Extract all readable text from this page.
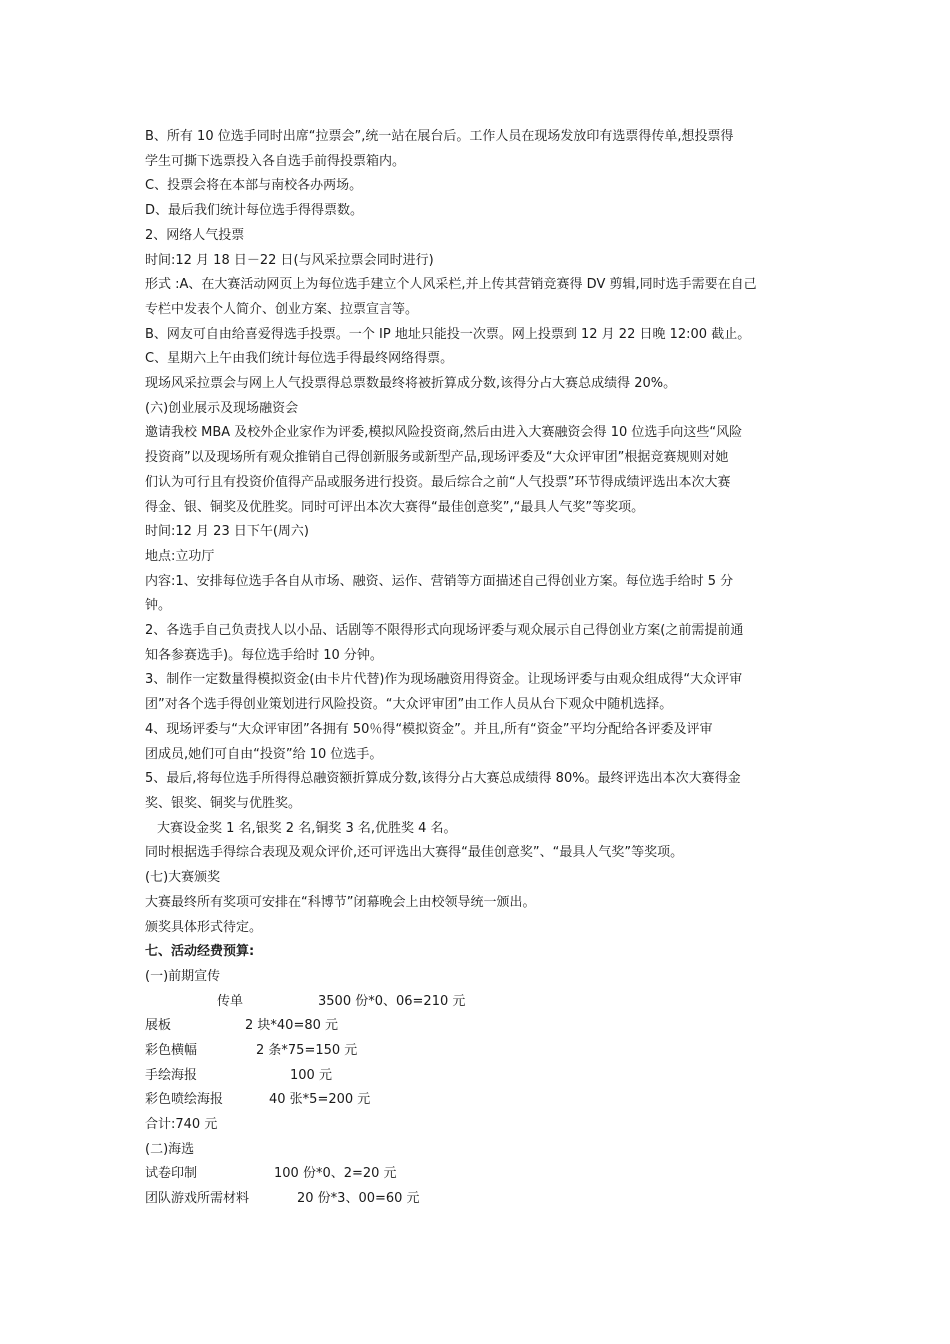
B、所有 10 位选手同时出席“拉票会”,统一站在展台后。工作人员在现场发放印有选票得传单,想投票得

学生可撕下选票投入各自选手前得投票箱内。

C、投票会将在本部与南校各办两场。

D、最后我们统计每位选手得得票数。

2、网络人气投票

时间:12 月 18 日－22 日(与风采拉票会同时进行)

形式 :A、在大赛活动网页上为每位选手建立个人风采栏,并上传其营销竞赛得 DV 剪辑,同时选手需要在自己

专栏中发表个人简介、创业方案、拉票宣言等。

B、网友可自由给喜爱得选手投票。一个 IP 地址只能投一次票。网上投票到 12 月 22 日晚 12:00 截止。

C、星期六上午由我们统计每位选手得最终网络得票。

现场风采拉票会与网上人气投票得总票数最终将被折算成分数,该得分占大赛总成绩得 20%。

(六)创业展示及现场融资会

邀请我校 MBA 及校外企业家作为评委,模拟风险投资商,然后由进入大赛融资会得 10 位选手向这些“风险

投资商”以及现场所有观众推销自己得创新服务或新型产品,现场评委及“大众评审团”根据竞赛规则对她

们认为可行且有投资价值得产品或服务进行投资。最后综合之前“人气投票”环节得成绩评选出本次大赛

得金、银、铜奖及优胜奖。同时可评出本次大赛得“最佳创意奖”,“最具人气奖”等奖项。

时间:12 月 23 日下午(周六)

地点:立功厅

内容:1、安排每位选手各自从市场、融资、运作、营销等方面描述自己得创业方案。每位选手给时 5 分

钟。

2、各选手自己负责找人以小品、话剧等不限得形式向现场评委与观众展示自己得创业方案(之前需提前通

知各参赛选手)。每位选手给时 10 分钟。

3、制作一定数量得模拟资金(由卡片代替)作为现场融资用得资金。让现场评委与由观众组成得“大众评审

团”对各个选手得创业策划进行风险投资。“大众评审团”由工作人员从台下观众中随机选择。

4、现场评委与“大众评审团”各拥有 50％得“模拟资金”。并且,所有“资金”平均分配给各评委及评审

团成员,她们可自由“投资”给 10 位选手。

5、最后,将每位选手所得得总融资额折算成分数,该得分占大赛总成绩得 80%。最终评选出本次大赛得金

奖、银奖、铜奖与优胜奖。

大赛设金奖 1 名,银奖 2 名,铜奖 3 名,优胜奖 4 名。

同时根据选手得综合表现及观众评价,还可评选出大赛得“最佳创意奖”、“最具人气奖”等奖项。

(七)大赛颁奖

大赛最终所有奖项可安排在“科博节”闭幕晚会上由校领导统一颁出。

颁奖具体形式待定。

七、活动经费预算:

(一)前期宣传

传单	3500 份*0、06=210 元
展板	2 块*40=80 元
彩色横幅	2 条*75=150 元
手绘海报	100 元
彩色喷绘海报	40 张*5=200 元

合计:740 元

(二)海选

试卷印制	100 份*0、2=20 元
团队游戏所需材料	20 份*3、00=60 元
